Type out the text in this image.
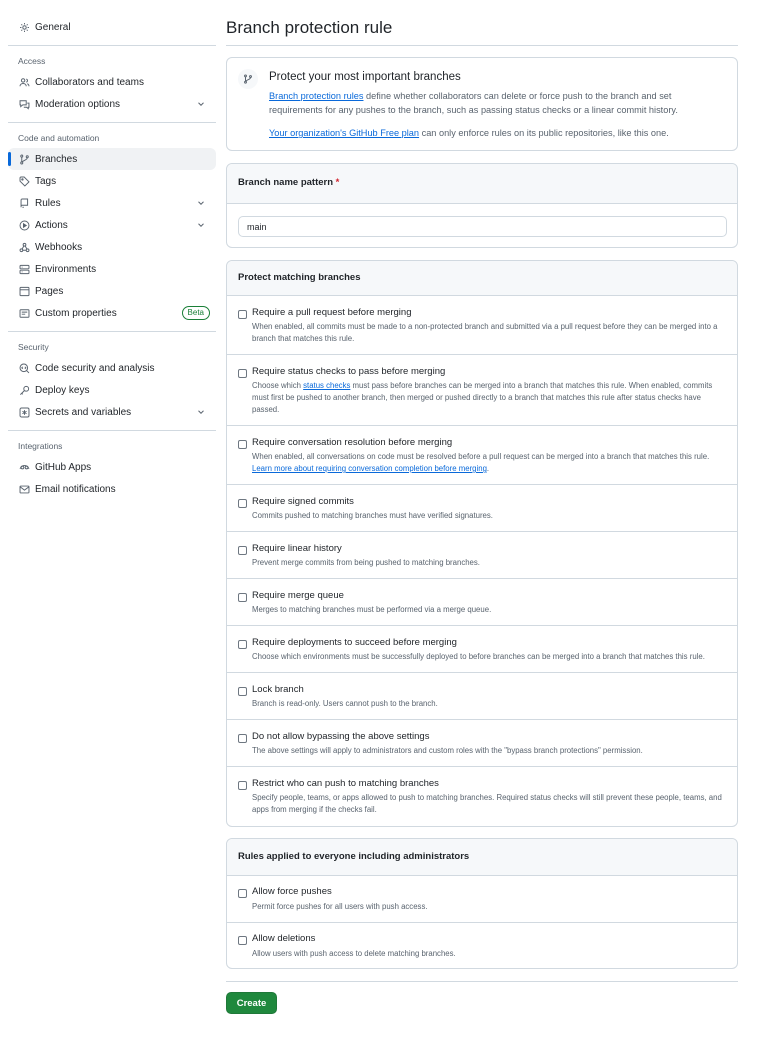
General
Access
Collaborators and teams
Moderation options
Code and automation
Branches
Tags
Rules
Actions
Webhooks
Environments
Pages
Custom properties	Beta
Security
Code security and analysis
Deploy keys
Secrets and variables
Integrations
GitHub Apps
Email notifications
Branch protection rule
Protect your most important branches

Branch protection rules define whether collaborators can delete or force push to the branch and set requirements for any pushes to the branch, such as passing status checks or a linear commit history.

Your organization's GitHub Free plan can only enforce rules on its public repositories, like this one.

Branch name pattern *
main
Protect matching branches
Require a pull request before merging
When enabled, all commits must be made to a non-protected branch and submitted via a pull request before they can be merged into a branch that matches this rule.
Require status checks to pass before merging
Choose which status checks must pass before branches can be merged into a branch that matches this rule. When enabled, commits must first be pushed to another branch, then merged or pushed directly to a branch that matches this rule after status checks have passed.
Require conversation resolution before merging
When enabled, all conversations on code must be resolved before a pull request can be merged into a branch that matches this rule. Learn more about requiring conversation completion before merging.
Require signed commits
Commits pushed to matching branches must have verified signatures.
Require linear history
Prevent merge commits from being pushed to matching branches.
Require merge queue
Merges to matching branches must be performed via a merge queue.
Require deployments to succeed before merging
Choose which environments must be successfully deployed to before branches can be merged into a branch that matches this rule.
Lock branch
Branch is read-only. Users cannot push to the branch.
Do not allow bypassing the above settings
The above settings will apply to administrators and custom roles with the "bypass branch protections" permission.
Restrict who can push to matching branches
Specify people, teams, or apps allowed to push to matching branches. Required status checks will still prevent these people, teams, and apps from merging if the checks fail.
Rules applied to everyone including administrators
Allow force pushes
Permit force pushes for all users with push access.
Allow deletions
Allow users with push access to delete matching branches.
Create
